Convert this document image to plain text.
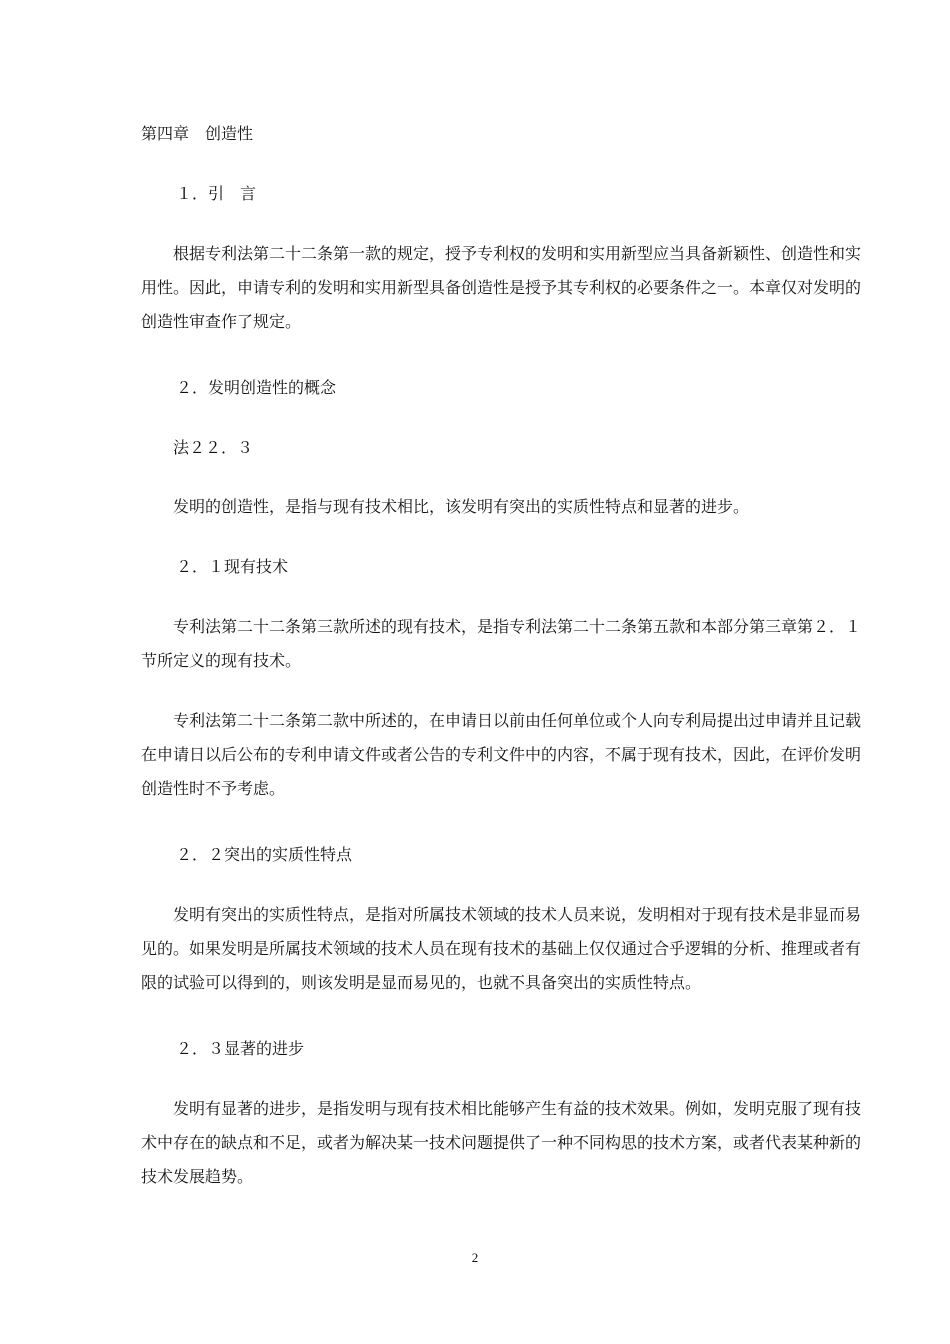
第四章　创造性

１．引　言

根据专利法第二十二条第一款的规定，授予专利权的发明和实用新型应当具备新颖性、创造性和实用性。因此，申请专利的发明和实用新型具备创造性是授予其专利权的必要条件之一。本章仅对发明的创造性审查作了规定。

２．发明创造性的概念

法２２．３

发明的创造性，是指与现有技术相比，该发明有突出的实质性特点和显著的进步。

２．１现有技术

专利法第二十二条第三款所述的现有技术，是指专利法第二十二条第五款和本部分第三章第２．１节所定义的现有技术。

专利法第二十二条第二款中所述的，在申请日以前由任何单位或个人向专利局提出过申请并且记载在申请日以后公布的专利申请文件或者公告的专利文件中的内容，不属于现有技术，因此，在评价发明创造性时不予考虑。

２．２突出的实质性特点

发明有突出的实质性特点，是指对所属技术领域的技术人员来说，发明相对于现有技术是非显而易见的。如果发明是所属技术领域的技术人员在现有技术的基础上仅仅通过合乎逻辑的分析、推理或者有限的试验可以得到的，则该发明是显而易见的，也就不具备突出的实质性特点。

２．３显著的进步

发明有显著的进步，是指发明与现有技术相比能够产生有益的技术效果。例如，发明克服了现有技术中存在的缺点和不足，或者为解决某一技术问题提供了一种不同构思的技术方案，或者代表某种新的技术发展趋势。

2
